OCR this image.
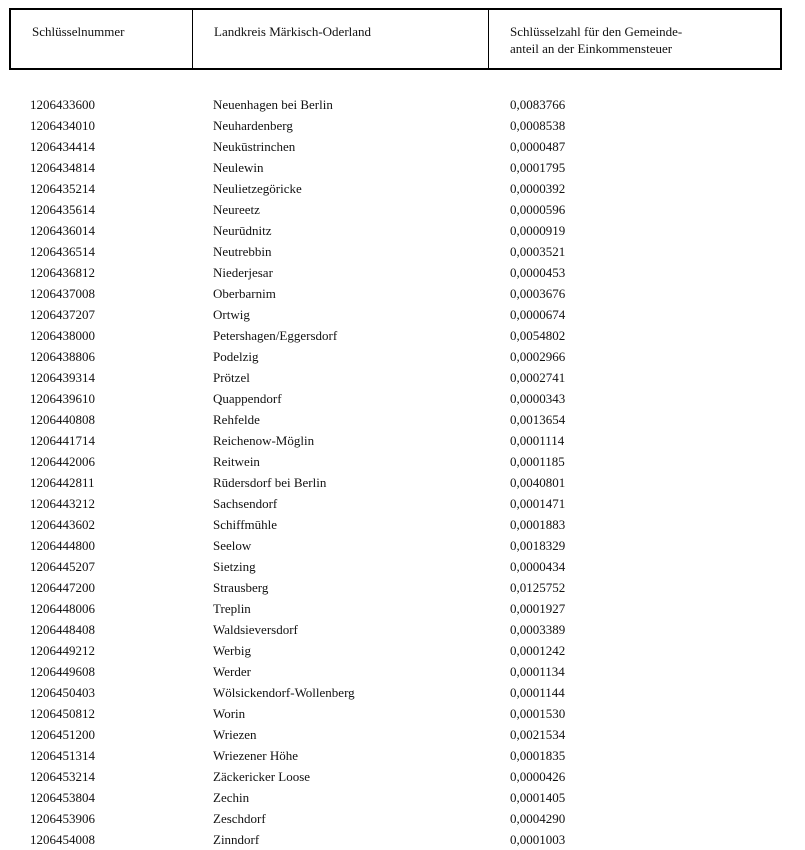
Schlüsselnummer	Landkreis Märkisch-Oderland	Schlüsselzahl für den Gemeinde-
anteil an der Einkommensteuer
1206433600	Neuenhagen bei Berlin	0,0083766
1206434010	Neuhardenberg	0,0008538
1206434414	Neukūstrinchen	0,0000487
1206434814	Neulewin	0,0001795
1206435214	Neulietzegöricke	0,0000392
1206435614	Neureetz	0,0000596
1206436014	Neurūdnitz	0,0000919
1206436514	Neutrebbin	0,0003521
1206436812	Niederjesar	0,0000453
1206437008	Oberbarnim	0,0003676
1206437207	Ortwig	0,0000674
1206438000	Petershagen/Eggersdorf	0,0054802
1206438806	Podelzig	0,0002966
1206439314	Prötzel	0,0002741
1206439610	Quappendorf	0,0000343
1206440808	Rehfelde	0,0013654
1206441714	Reichenow-Möglin	0,0001114
1206442006	Reitwein	0,0001185
1206442811	Rūdersdorf bei Berlin	0,0040801
1206443212	Sachsendorf	0,0001471
1206443602	Schiffmūhle	0,0001883
1206444800	Seelow	0,0018329
1206445207	Sietzing	0,0000434
1206447200	Strausberg	0,0125752
1206448006	Treplin	0,0001927
1206448408	Waldsieversdorf	0,0003389
1206449212	Werbig	0,0001242
1206449608	Werder	0,0001134
1206450403	Wölsickendorf-Wollenberg	0,0001144
1206450812	Worin	0,0001530
1206451200	Wriezen	0,0021534
1206451314	Wriezener Höhe	0,0001835
1206453214	Zäckericker Loose	0,0000426
1206453804	Zechin	0,0001405
1206453906	Zeschdorf	0,0004290
1206454008	Zinndorf	0,0001003
